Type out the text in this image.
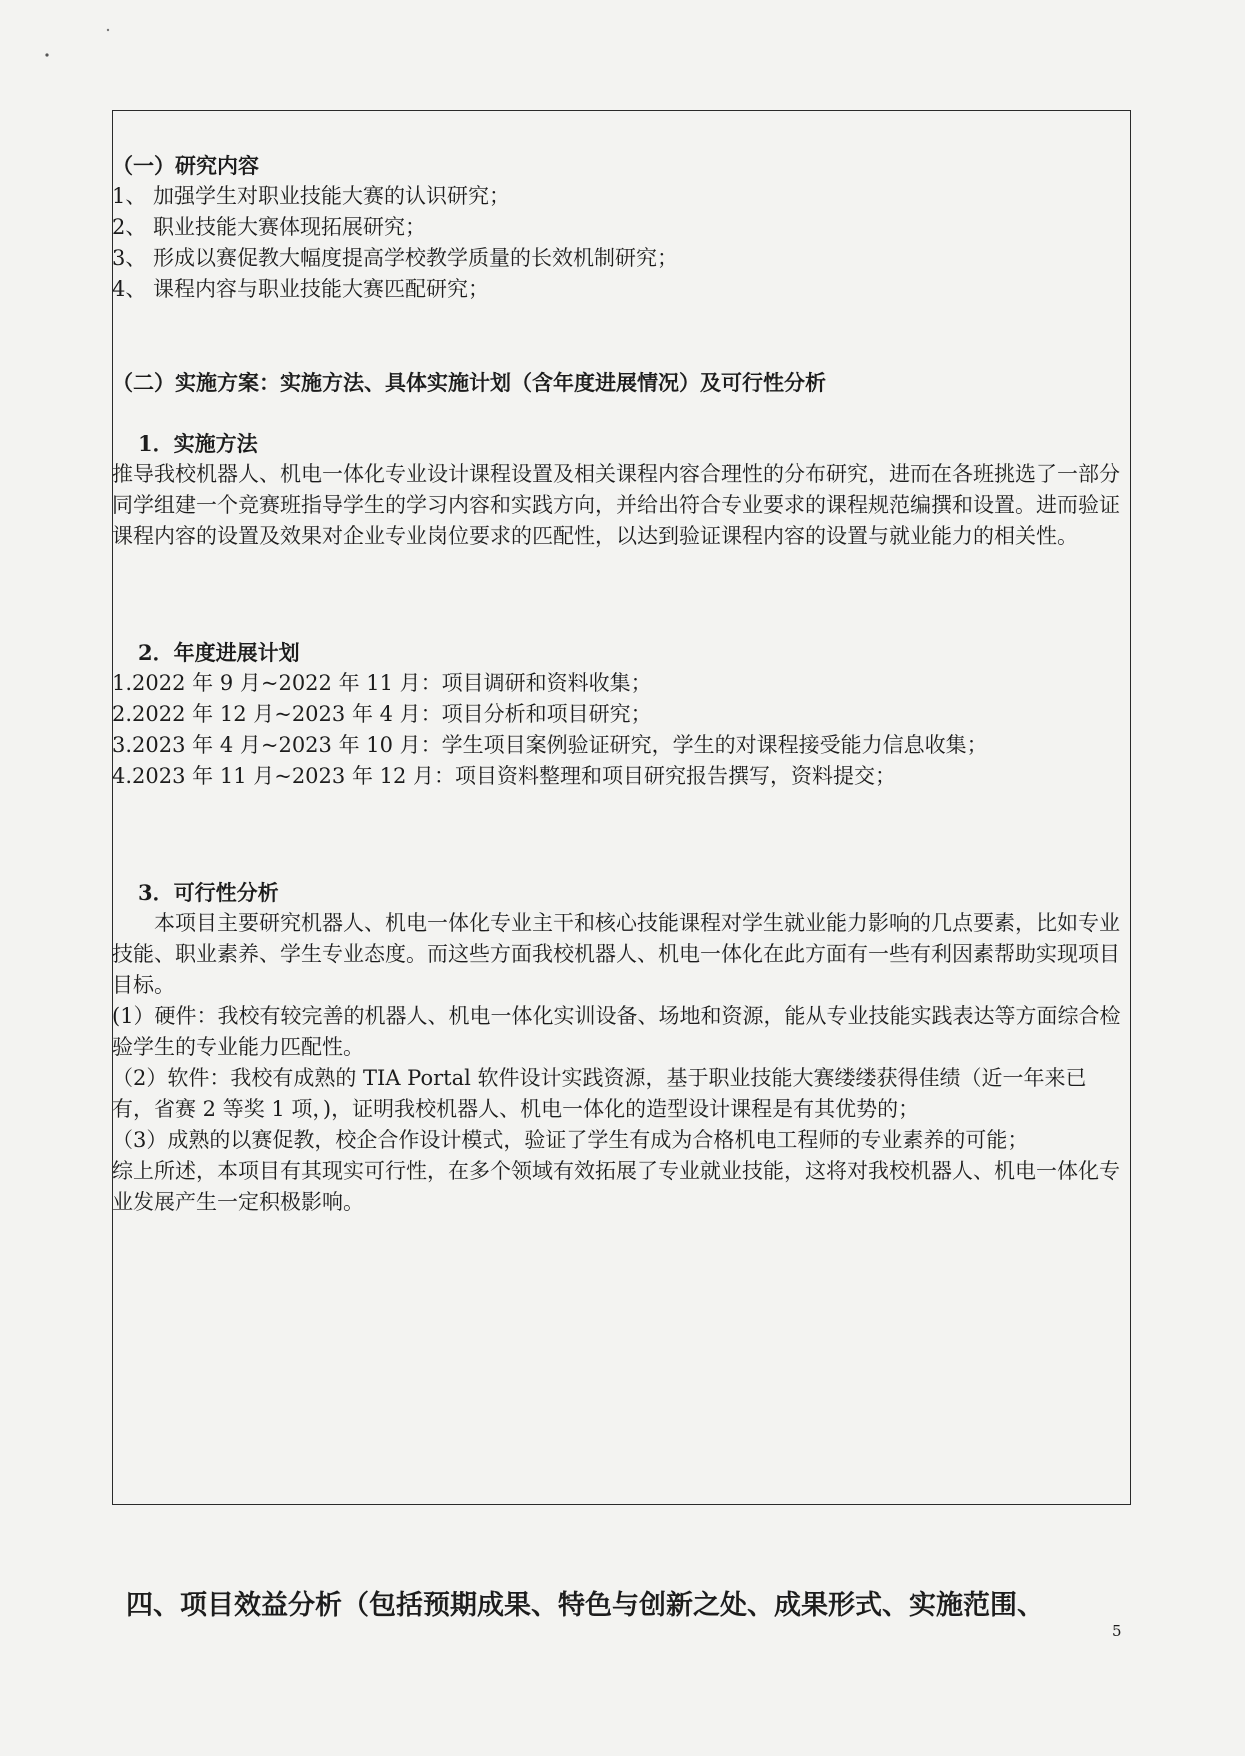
（一）研究内容

1、 加强学生对职业技能大赛的认识研究；

2、 职业技能大赛体现拓展研究；

3、 形成以赛促教大幅度提高学校教学质量的长效机制研究；

4、 课程内容与职业技能大赛匹配研究；

（二）实施方案：实施方法、具体实施计划（含年度进展情况）及可行性分析

1．实施方法

推导我校机器人、机电一体化专业设计课程设置及相关课程内容合理性的分布研究，进而在各班挑选了一部分同学组建一个竞赛班指导学生的学习内容和实践方向，并给出符合专业要求的课程规范编撰和设置。进而验证课程内容的设置及效果对企业专业岗位要求的匹配性，以达到验证课程内容的设置与就业能力的相关性。

2．年度进展计划

1.2022 年 9 月~2022 年 11 月：项目调研和资料收集；

2.2022 年 12 月~2023 年 4 月：项目分析和项目研究；

3.2023 年 4 月~2023 年 10 月：学生项目案例验证研究，学生的对课程接受能力信息收集；

4.2023 年 11 月~2023 年 12 月：项目资料整理和项目研究报告撰写，资料提交；

3．可行性分析

本项目主要研究机器人、机电一体化专业主干和核心技能课程对学生就业能力影响的几点要素，比如专业技能、职业素养、学生专业态度。而这些方面我校机器人、机电一体化在此方面有一些有利因素帮助实现项目目标。

(1）硬件：我校有较完善的机器人、机电一体化实训设备、场地和资源，能从专业技能实践表达等方面综合检验学生的专业能力匹配性。

（2）软件：我校有成熟的 TIA Portal 软件设计实践资源，基于职业技能大赛缕缕获得佳绩（近一年来已有，省赛 2 等奖 1 项，)，证明我校机器人、机电一体化的造型设计课程是有其优势的；

（3）成熟的以赛促教，校企合作设计模式，验证了学生有成为合格机电工程师的专业素养的可能；

综上所述，本项目有其现实可行性，在多个领域有效拓展了专业就业技能，这将对我校机器人、机电一体化专业发展产生一定积极影响。

四、项目效益分析（包括预期成果、特色与创新之处、成果形式、实施范围、
5
